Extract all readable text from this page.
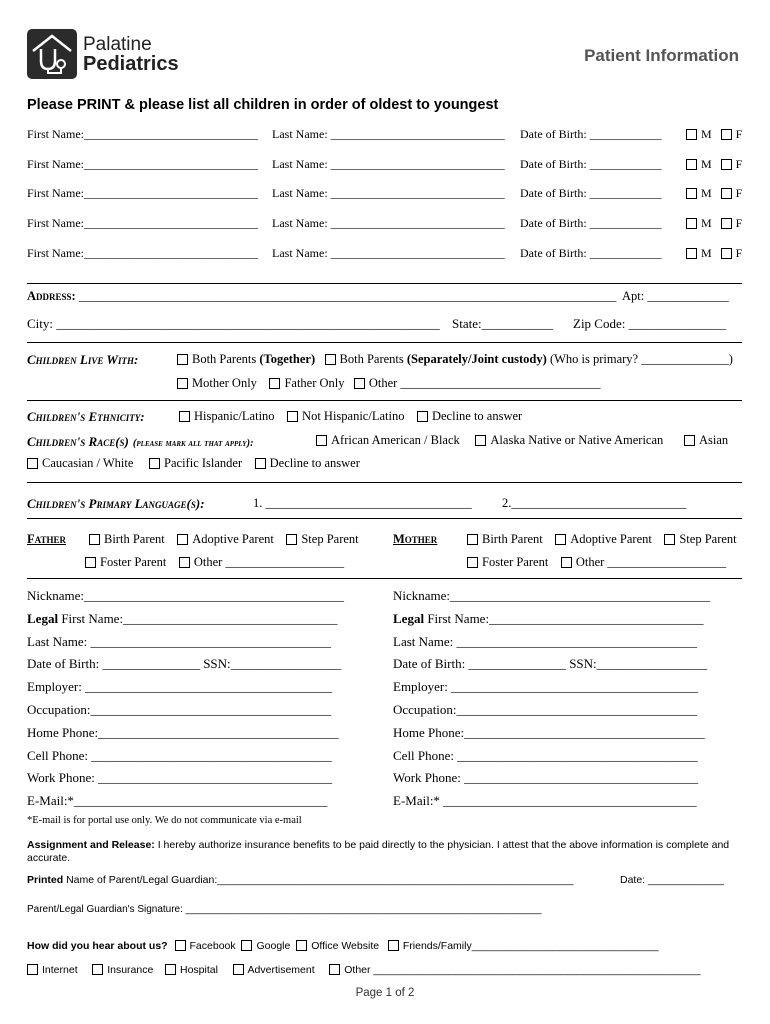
Palatine
Pediatrics	Patient Information
Please PRINT & please list all children in order of oldest to youngest
First Name:_____________________________ Last Name: _____________________________ Date of Birth: ____________	M F
First Name:_____________________________ Last Name: _____________________________ Date of Birth: ____________	M F
First Name:_____________________________ Last Name: _____________________________ Date of Birth: ____________	M F
First Name:_____________________________ Last Name: _____________________________ Date of Birth: ____________	M F
First Name:_____________________________ Last Name: _____________________________ Date of Birth: ____________	M F
Address: ______________________________________________________________________________________ Apt: _____________
City: ___________________________________________________________ State:___________ Zip Code: _______________
Children Live With:	Both Parents (Together) Both Parents (Separately/Joint custody) (Who is primary? ______________)
Mother Only Father Only Other ________________________________
Children's Ethnicity:	Hispanic/Latino Not Hispanic/Latino Decline to answer
Children's Race(s) (please mark all that apply):	African American / Black Alaska Native or Native American	Asian
Caucasian / White Pacific Islander Decline to answer
Children's Primary Language(s):	1. _________________________________ 2.____________________________
Father	Birth Parent Adoptive Parent Step Parent
Foster Parent Other ___________________
Mother	Birth Parent Adoptive Parent Step Parent
Foster Parent Other ___________________
Nickname:________________________________________
Legal First Name:_________________________________
Last Name: _____________________________________
Date of Birth: _______________ SSN:_________________
Employer: ______________________________________
Occupation:_____________________________________
Home Phone:_____________________________________
Cell Phone: _____________________________________
Work Phone: ____________________________________
E-Mail:*_______________________________________
Nickname:________________________________________
Legal First Name:_________________________________
Last Name: _____________________________________
Date of Birth: _______________ SSN:_________________
Employer: ______________________________________
Occupation:_____________________________________
Home Phone:_____________________________________
Cell Phone: _____________________________________
Work Phone: ____________________________________
E-Mail:* _______________________________________
*E-mail is for portal use only. We do not communicate via e-mail
Assignment and Release: I hereby authorize insurance benefits to be paid directly to the physician. I attest that the above information is complete and accurate.
Printed Name of Parent/Legal Guardian:_____________________________________________________________	Date: _____________
Parent/Legal Guardian's Signature: ________________________________________________________________
How did you hear about us? Facebook Google Office Website Friends/Family________________________________
Internet	Insurance	Hospital	Advertisement	Other ________________________________________________________
Page 1 of 2
